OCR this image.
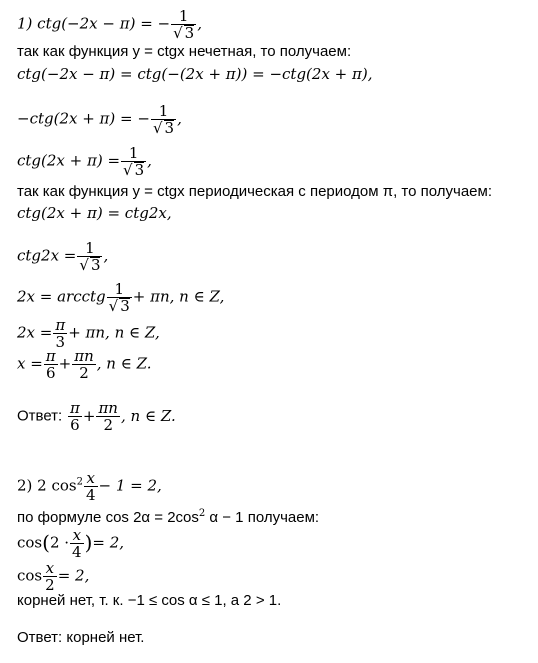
1) ctg(−2x − π) = − $\frac{1}{√ 3}$ ,
так как функция у = ctgx нечетная, то получаем:
ctg(−2x − π) = ctg(−(2x + π)) = −ctg(2x + π),
−ctg(2x + π) = − $\frac{1}{√ 3}$ ,
$ctg(2x + \pi) = \frac{1}{√ 3}$ ,
так как функция у = ctgx периодическая с периодом π, то получаем:
ctg(2x + π) = ctg2x,
$ctg2x = \frac{1}{√ 3}$ ,
2x = arcctg $\frac{1}{√ 3} + \pi n$, n ∈ Z,
$2x = \frac{\pi}{3} + \pi n$, n ∈ Z,
$x = \frac{\pi}{6} + \frac{\pi n}{2}$ , n ∈ Z.
Ответ: $\frac{\pi}{6} + \frac{\pi n}{2}$ , n ∈ Z.
2) 2 $\cos^2 \frac{x}{4} - 1 = 2$,
по формуле $\cos 2\alpha = 2\cos^2$ α − 1 получаем:
$\cos(2 \cdot \frac{x}{4}$ )= 2,
$\cos \frac{x}{2} = 2$,
корней нет, т. к. −1 ≤ cos α ≤ 1, а 2 > 1.
Ответ: корней нет.
